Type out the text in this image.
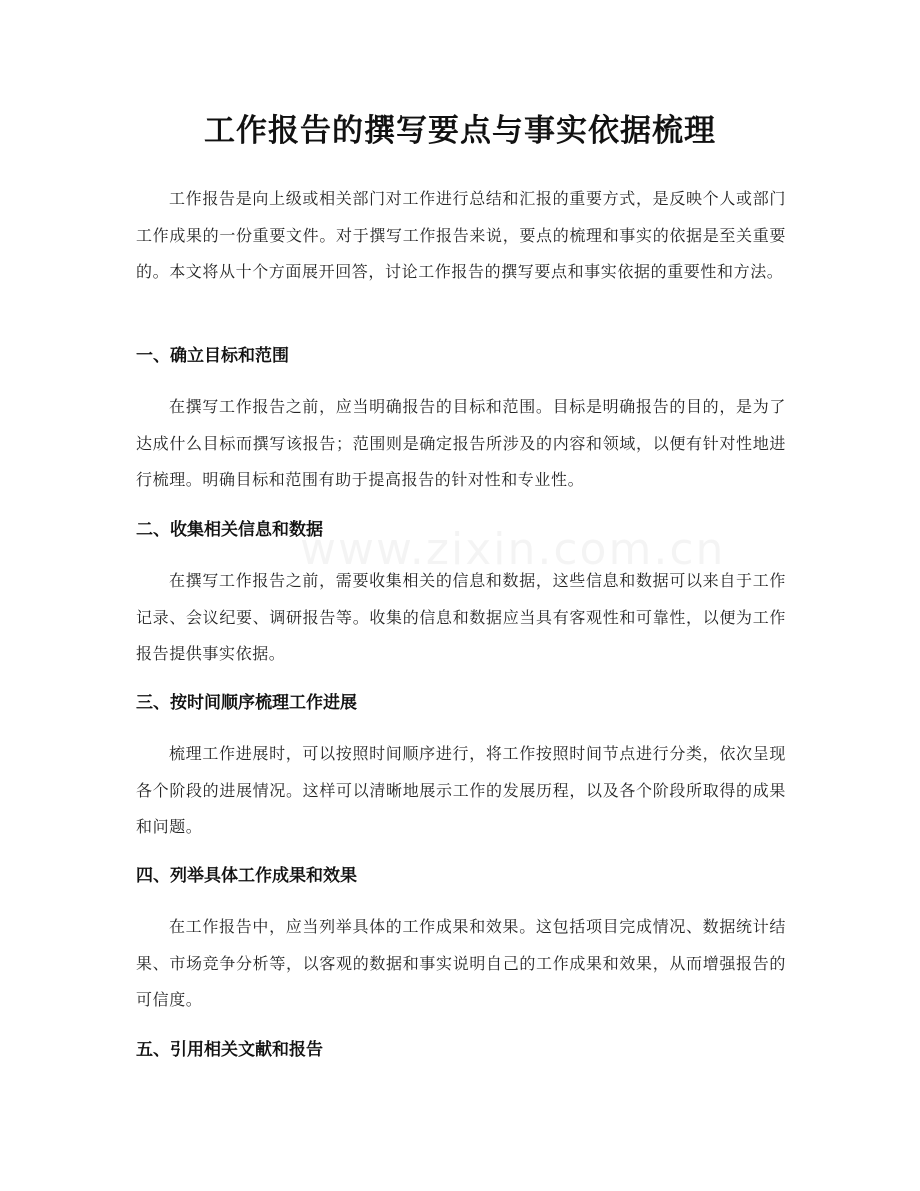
工作报告的撰写要点与事实依据梳理

工作报告是向上级或相关部门对工作进行总结和汇报的重要方式，是反映个人或部门工作成果的一份重要文件。对于撰写工作报告来说，要点的梳理和事实的依据是至关重要的。本文将从十个方面展开回答，讨论工作报告的撰写要点和事实依据的重要性和方法。

一、确立目标和范围

在撰写工作报告之前，应当明确报告的目标和范围。目标是明确报告的目的，是为了达成什么目标而撰写该报告；范围则是确定报告所涉及的内容和领域，以便有针对性地进行梳理。明确目标和范围有助于提高报告的针对性和专业性。

二、收集相关信息和数据

在撰写工作报告之前，需要收集相关的信息和数据，这些信息和数据可以来自于工作记录、会议纪要、调研报告等。收集的信息和数据应当具有客观性和可靠性，以便为工作报告提供事实依据。

三、按时间顺序梳理工作进展

梳理工作进展时，可以按照时间顺序进行，将工作按照时间节点进行分类，依次呈现各个阶段的进展情况。这样可以清晰地展示工作的发展历程，以及各个阶段所取得的成果和问题。

四、列举具体工作成果和效果

在工作报告中，应当列举具体的工作成果和效果。这包括项目完成情况、数据统计结果、市场竞争分析等，以客观的数据和事实说明自己的工作成果和效果，从而增强报告的可信度。

五、引用相关文献和报告
